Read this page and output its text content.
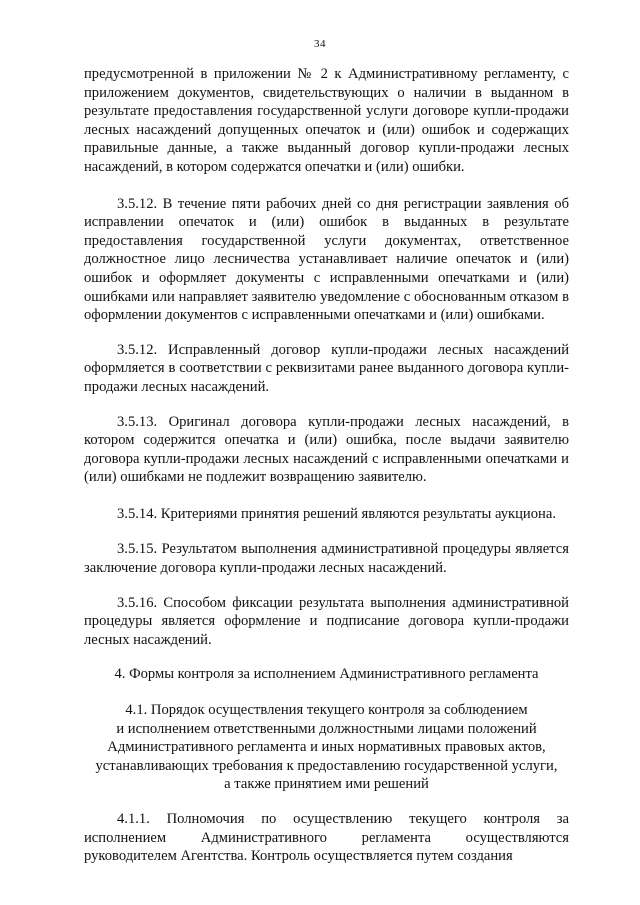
34

предусмотренной в приложении № 2 к Административному регламенту, с приложением документов, свидетельствующих о наличии в выданном в результате предоставления государственной услуги договоре купли-продажи лесных насаждений допущенных опечаток и (или) ошибок и содержащих правильные данные, а также выданный договор купли-продажи лесных насаждений, в котором содержатся опечатки и (или) ошибки.

3.5.12. В течение пяти рабочих дней со дня регистрации заявления об исправлении опечаток и (или) ошибок в выданных в результате предоставления государственной услуги документах, ответственное должностное лицо лесничества устанавливает наличие опечаток и (или) ошибок и оформляет документы с исправленными опечатками и (или) ошибками или направляет заявителю уведомление с обоснованным отказом в оформлении документов с исправленными опечатками и (или) ошибками.

3.5.12. Исправленный договор купли-продажи лесных насаждений оформляется в соответствии с реквизитами ранее выданного договора купли-продажи лесных насаждений.

3.5.13. Оригинал договора купли-продажи лесных насаждений, в котором содержится опечатка и (или) ошибка, после выдачи заявителю договора купли-продажи лесных насаждений с исправленными опечатками и (или) ошибками не подлежит возвращению заявителю.

3.5.14. Критериями принятия решений являются результаты аукциона.

3.5.15. Результатом выполнения административной процедуры является заключение договора купли-продажи лесных насаждений.

3.5.16. Способом фиксации результата выполнения административной процедуры является оформление и подписание договора купли-продажи лесных насаждений.

4. Формы контроля за исполнением Административного регламента

4.1. Порядок осуществления текущего контроля за соблюдением
и исполнением ответственными должностными лицами положений
Административного регламента и иных нормативных правовых актов,
устанавливающих требования к предоставлению государственной услуги,
а также принятием ими решений

4.1.1. Полномочия по осуществлению текущего контроля за исполнением Административного регламента осуществляются руководителем Агентства. Контроль осуществляется путем создания
